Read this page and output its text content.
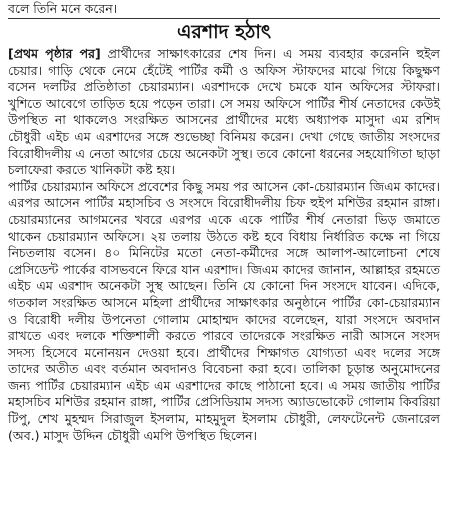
বলে তিনি মনে করেন।

এরশাদ হঠাৎ

[প্রথম পৃষ্ঠার পর] প্রার্থীদের সাক্ষাৎকারের শেষ দিন। এ সময় ব্যবহার করেননি হুইল চেয়ার। গাড়ি থেকে নেমে হেঁটেই পার্টির কর্মী ও অফিস স্টাফদের মাঝে গিয়ে কিছুক্ষণ বসেন দলটির প্রতিষ্ঠাতা চেয়ারম্যান। এরশাদকে দেখে চমকে যান অফিসের স্টাফরা। খুশিতে আবেগে তাড়িত হয়ে পড়েন তারা। সে সময় অফিসে পার্টির শীর্ষ নেতাদের কেউই উপস্থিত না থাকলেও সংরক্ষিত আসনের প্রার্থীদের মধ্যে অধ্যাপক মাসুদা এম রশিদ চৌধুরী এইচ এম এরশাদের সঙ্গে শুভেচ্ছা বিনিময় করেন। দেখা গেছে জাতীয় সংসদের বিরোধীদলীয় এ নেতা আগের চেয়ে অনেকটা সুস্থ। তবে কোনো ধরনের সহযোগিতা ছাড়া চলাফেরা করতে খানিকটা কষ্ট হয়।

পার্টির চেয়ারম্যান অফিসে প্রবেশের কিছু সময় পর আসেন কো-চেয়ারম্যান জিএম কাদের। এরপর আসেন পার্টির মহাসচিব ও সংসদে বিরোধীদলীয় চিফ হুইপ মশিউর রহমান রাঙ্গা। চেয়ারম্যানের আগমনের খবরে এরপর একে একে পার্টির শীর্ষ নেতারা ভিড় জমাতে থাকেন চেয়ারম্যান অফিসে। ২য় তলায় উঠতে কষ্ট হবে বিধায় নির্ধারিত কক্ষে না গিয়ে নিচতলায় বসেন। ৪০ মিনিটের মতো নেতা-কর্মীদের সঙ্গে আলাপ-আলোচনা শেষে প্রেসিডেন্ট পার্কের বাসভবনে ফিরে যান এরশাদ। জিএম কাদের জানান, আল্লাহর রহমতে এইচ এম এরশাদ অনেকটা সুস্থ আছেন। তিনি যে কোনো দিন সংসদে যাবেন। এদিকে, গতকাল সংরক্ষিত আসনে মহিলা প্রার্থীদের সাক্ষাৎকার অনুষ্ঠানে পার্টির কো-চেয়ারম্যান ও বিরোধী দলীয় উপনেতা গোলাম মোহাম্মদ কাদের বলেছেন, যারা সংসদে অবদান রাখতে এবং দলকে শক্তিশালী করতে পারবে তাদেরকে সংরক্ষিত নারী আসনে সংসদ সদস্য হিসেবে মনোনয়ন দেওয়া হবে। প্রার্থীদের শিক্ষাগত যোগ্যতা এবং দলের সঙ্গে তাদের অতীত এবং বর্তমান অবদানও বিবেচনা করা হবে। তালিকা চূড়ান্ত অনুমোদনের জন্য পার্টির চেয়ারম্যান এইচ এম এরশাদের কাছে পাঠানো হবে। এ সময় জাতীয় পার্টির মহাসচিব মশিউর রহমান রাঙ্গা, পার্টির প্রেসিডিয়াম সদস্য অ্যাডভোকেট গোলাম কিবরিয়া টিপু, শেখ মুহম্মদ সিরাজুল ইসলাম, মাহমুদুল ইসলাম চৌধুরী, লেফটেনেন্ট জেনারেল (অব.) মাসুদ উদ্দিন চৌধুরী এমপি উপস্থিত ছিলেন।
